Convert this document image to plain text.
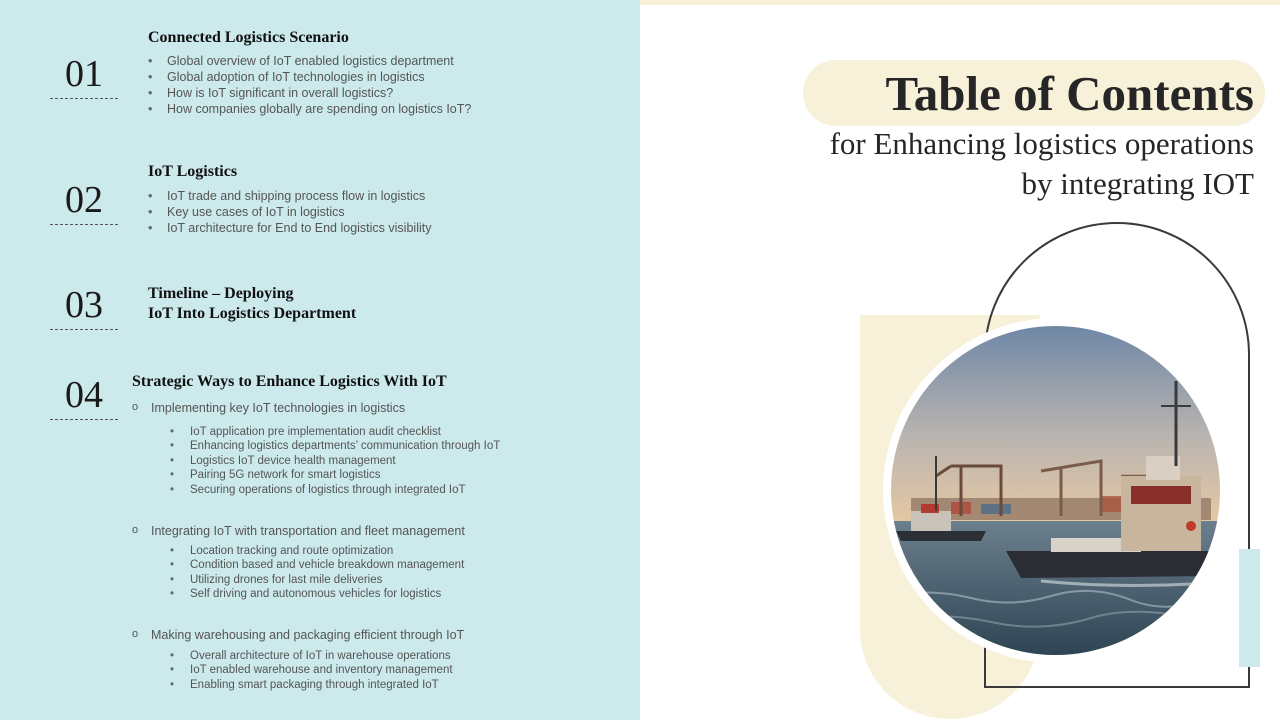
01
Connected Logistics Scenario
• Global overview of IoT enabled logistics department
• Global adoption of IoT technologies in logistics
• How is IoT significant in overall logistics?
• How companies globally are spending on logistics IoT?
02
IoT Logistics
• IoT trade and shipping process flow in logistics
• Key use cases of IoT in logistics
• IoT architecture for End to End logistics visibility
03	Timeline – Deploying
IoT Into Logistics Department
04	Strategic Ways to Enhance Logistics With IoT
o Implementing key IoT technologies in logistics
• IoT application pre implementation audit checklist
• Enhancing logistics departments’ communication through IoT
• Logistics IoT device health management
• Pairing 5G network for smart logistics
• Securing operations of logistics through integrated IoT
o Integrating IoT with transportation and fleet management
• Location tracking and route optimization
• Condition based and vehicle breakdown management
• Utilizing drones for last mile deliveries
• Self driving and autonomous vehicles for logistics
o Making warehousing and packaging efficient through IoT
• Overall architecture of IoT in warehouse operations
• IoT enabled warehouse and inventory management
• Enabling smart packaging through integrated IoT
Table of Contents
for Enhancing logistics operations by integrating IOT
